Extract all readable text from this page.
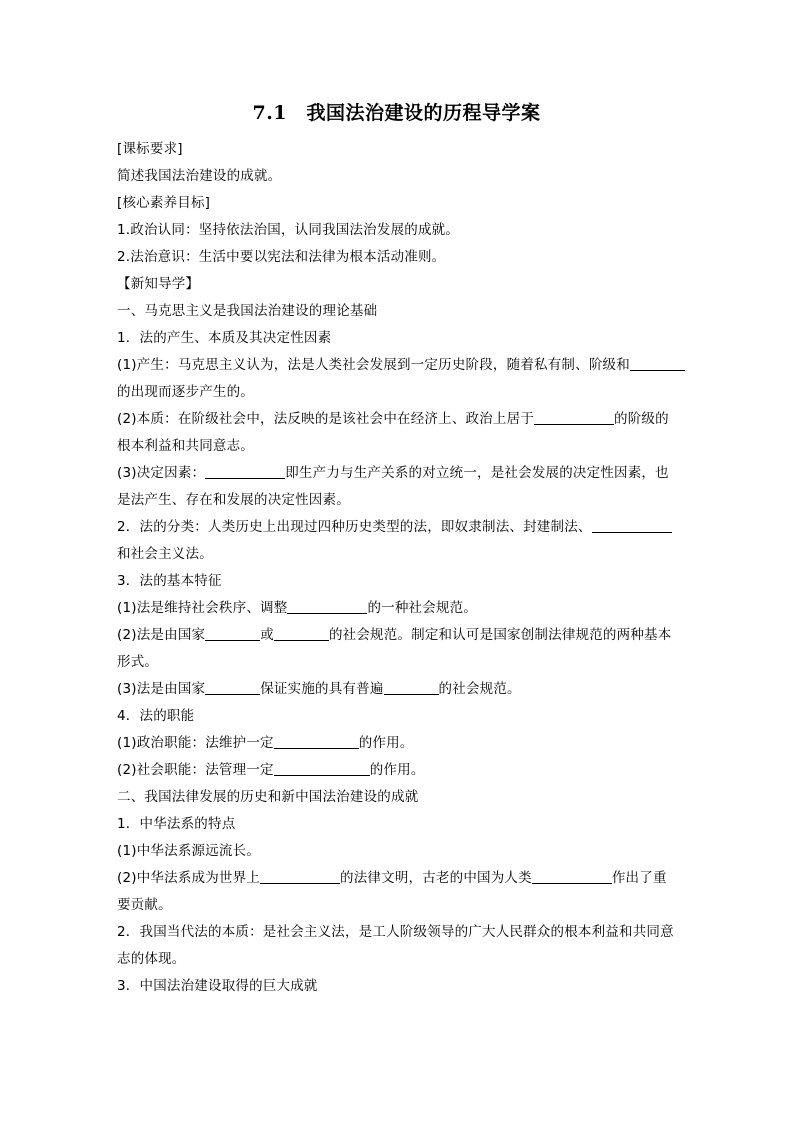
7.1　我国法治建设的历程导学案
[课标要求]
简述我国法治建设的成就。
[核心素养目标]
1.政治认同：坚持依法治国，认同我国法治发展的成就。
2.法治意识：生活中要以宪法和法律为根本活动准则。
【新知导学】
一、马克思主义是我国法治建设的理论基础
1．法的产生、本质及其决定性因素
(1)产生：马克思主义认为，法是人类社会发展到一定历史阶段，随着私有制、阶级和
的出现而逐步产生的。
(2)本质：在阶级社会中，法反映的是该社会中在经济上、政治上居于	的阶级的
根本利益和共同意志。
(3)决定因素：	即生产力与生产关系的对立统一，是社会发展的决定性因素，也
是法产生、存在和发展的决定性因素。
2．法的分类：人类历史上出现过四种历史类型的法，即奴隶制法、封建制法、
和社会主义法。
3．法的基本特征
(1)法是维持社会秩序、调整	的一种社会规范。
(2)法是由国家	或	的社会规范。制定和认可是国家创制法律规范的两种基本
形式。
(3)法是由国家	保证实施的具有普遍	的社会规范。
4．法的职能
(1)政治职能：法维护一定	的作用。
(2)社会职能：法管理一定	的作用。
二、我国法律发展的历史和新中国法治建设的成就
1．中华法系的特点
(1)中华法系源远流长。
(2)中华法系成为世界上	的法律文明，古老的中国为人类	作出了重
要贡献。
2．我国当代法的本质：是社会主义法，是工人阶级领导的广大人民群众的根本利益和共同意
志的体现。
3．中国法治建设取得的巨大成就
